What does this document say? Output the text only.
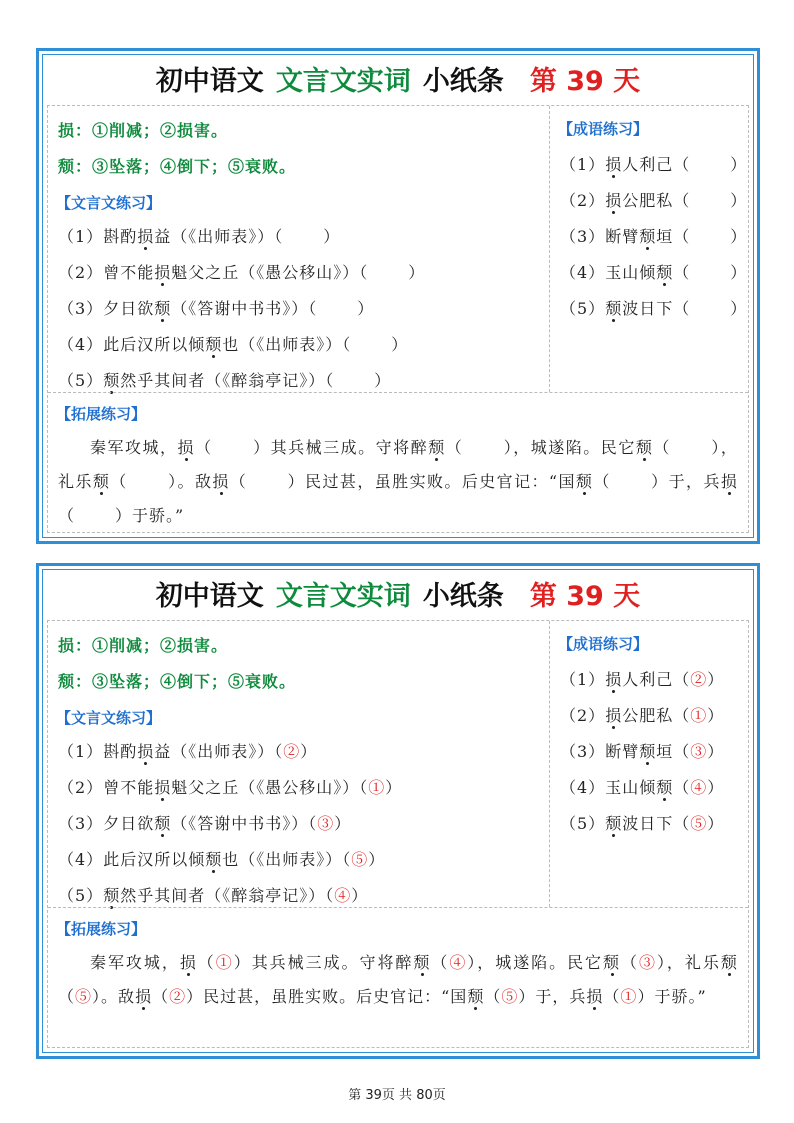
初中语文 文言文实词 小纸条 第 39 天
损：①削减；②损害。
颓：③坠落；④倒下；⑤衰败。
【文言文练习】
（1）斟酌损益（《出师表》）（	）
（2）曾不能损魁父之丘（《愚公移山》）（	）
（3）夕日欲颓（《答谢中书书》）（	）
（4）此后汉所以倾颓也（《出师表》）（	）
（5）颓然乎其间者（《醉翁亭记》）（	）
【成语练习】
（1）损人利己（	）
（2）损公肥私（	）
（3）断臂颓垣（	）
（4）玉山倾颓（	）
（5）颓波日下（	）
【拓展练习】
秦军攻城，损（	）其兵械三成。守将醉颓（	），城遂陷。民它颓（	），礼乐颓（	）。敌损（	）民过甚，虽胜实败。后史官记：“国颓（	）于，兵损（	）于骄。”
初中语文 文言文实词 小纸条 第 39 天
损：①削减；②损害。
颓：③坠落；④倒下；⑤衰败。
【文言文练习】
（1）斟酌损益（《出师表》）（②）
（2）曾不能损魁父之丘（《愚公移山》）（①）
（3）夕日欲颓（《答谢中书书》）（③）
（4）此后汉所以倾颓也（《出师表》）（⑤）
（5）颓然乎其间者（《醉翁亭记》）（④）
【成语练习】
（1）损人利己（②）
（2）损公肥私（①）
（3）断臂颓垣（③）
（4）玉山倾颓（④）
（5）颓波日下（⑤）
【拓展练习】
秦军攻城，损（①）其兵械三成。守将醉颓（④），城遂陷。民它颓（③），礼乐颓（⑤）。敌损（②）民过甚，虽胜实败。后史官记：“国颓（⑤）于，兵损（①）于骄。”
第 39页 共 80页
